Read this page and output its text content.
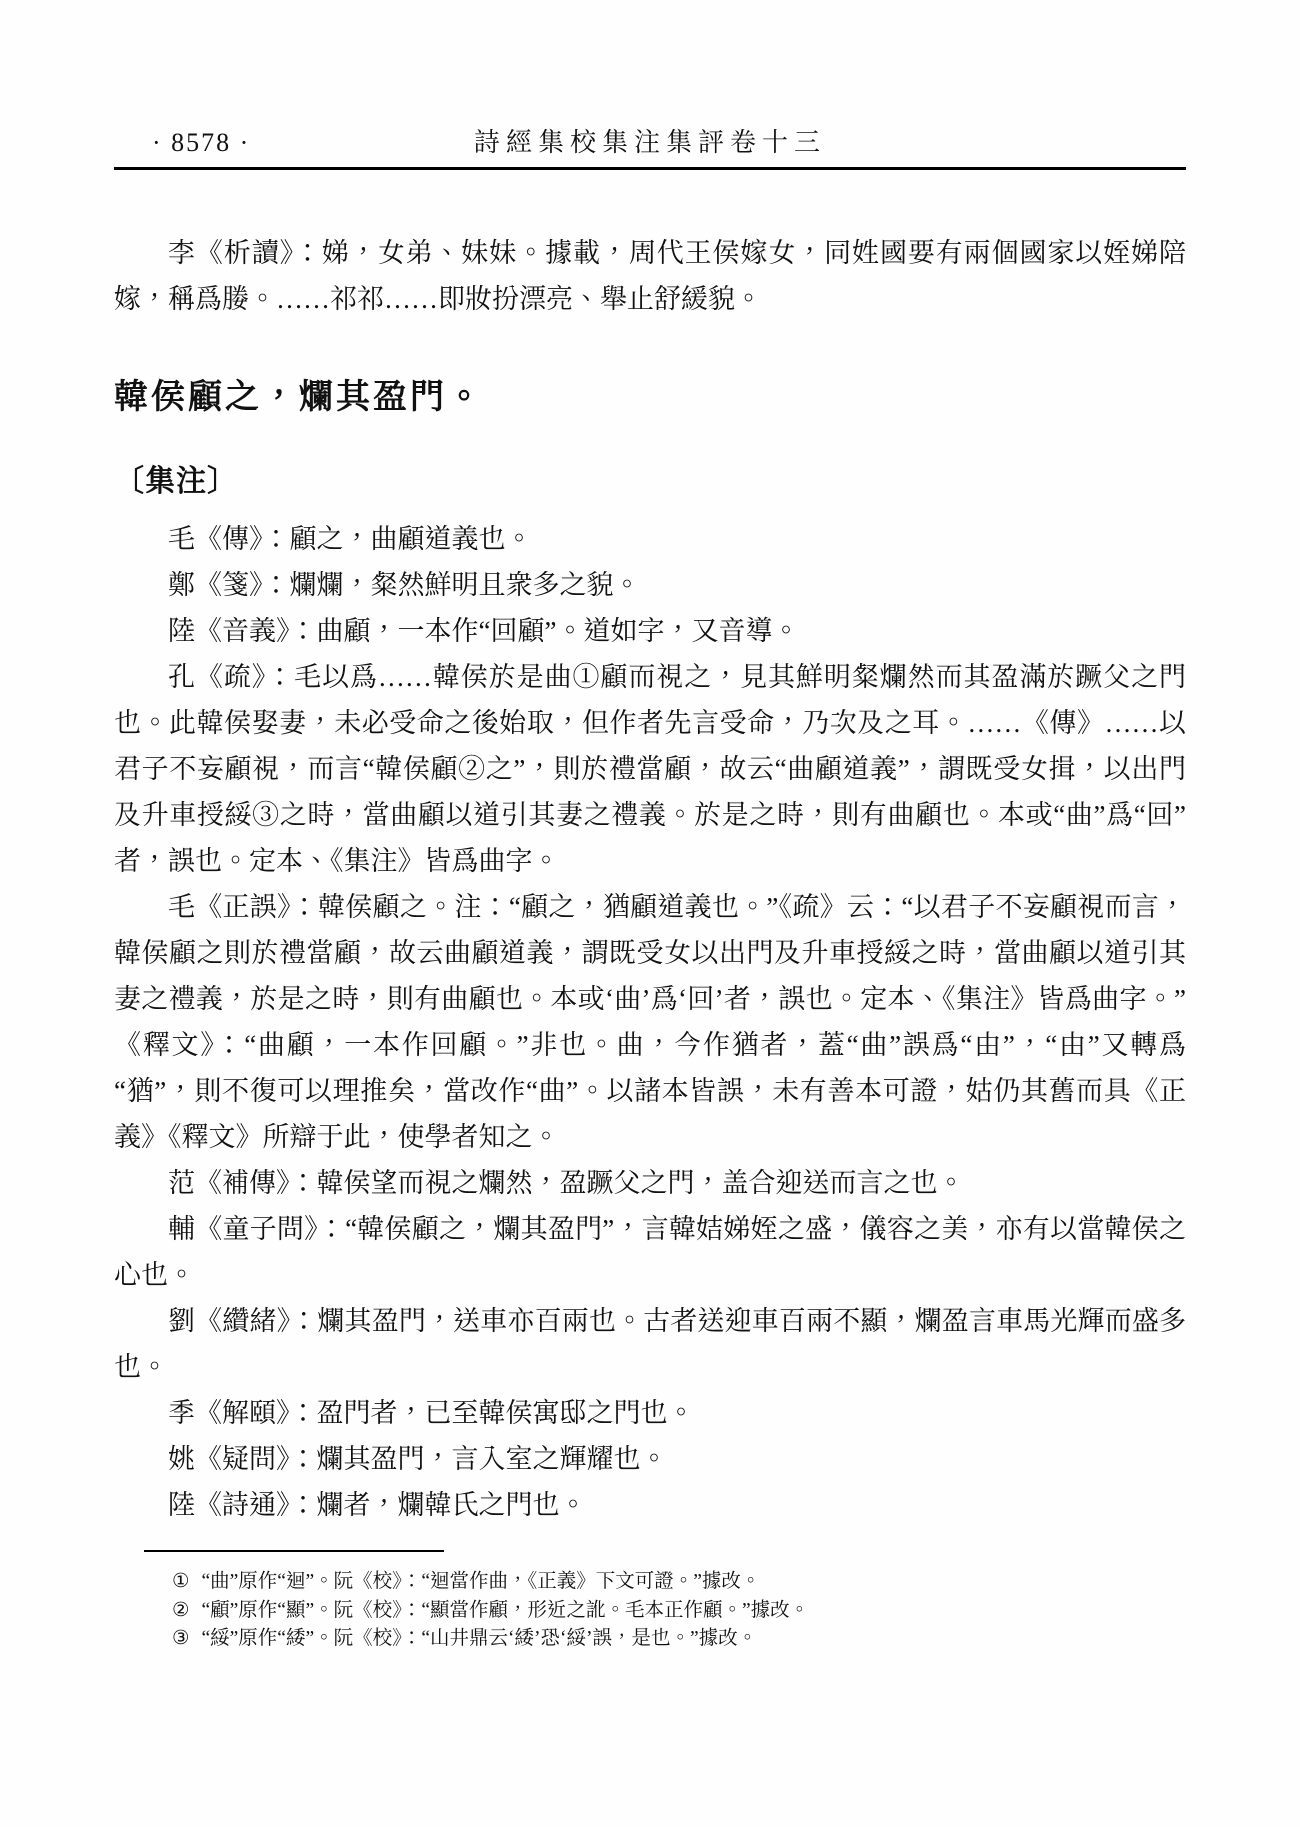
· 8578 ·	詩經集校集注集評卷十三

李《析讀》：娣，女弟、妹妹。據載，周代王侯嫁女，同姓國要有兩個國家以姪娣陪嫁，稱爲媵。……祁祁……即妝扮漂亮、舉止舒緩貌。

韓侯顧之，爛其盈門。
〔集注〕

毛《傳》：顧之，曲顧道義也。

鄭《箋》：爛爛，粲然鮮明且衆多之貌。

陸《音義》：曲顧，一本作“回顧”。道如字，又音導。

孔《疏》：毛以爲……韓侯於是曲①顧而視之，見其鮮明粲爛然而其盈滿於蹶父之門也。此韓侯娶妻，未必受命之後始取，但作者先言受命，乃次及之耳。……《傳》……以君子不妄顧視，而言“韓侯顧②之”，則於禮當顧，故云“曲顧道義”，謂既受女揖，以出門及升車授綏③之時，當曲顧以道引其妻之禮義。於是之時，則有曲顧也。本或“曲”爲“回”者，誤也。定本、《集注》皆爲曲字。

毛《正誤》：韓侯顧之。注：“顧之，猶顧道義也。”《疏》云：“以君子不妄顧視而言，韓侯顧之則於禮當顧，故云曲顧道義，謂既受女以出門及升車授綏之時，當曲顧以道引其妻之禮義，於是之時，則有曲顧也。本或‘曲’爲‘回’者，誤也。定本、《集注》皆爲曲字。”《釋文》：“曲顧，一本作回顧。”非也。曲，今作猶者，蓋“曲”誤爲“由”，“由”又轉爲“猶”，則不復可以理推矣，當改作“曲”。以諸本皆誤，未有善本可證，姑仍其舊而具《正義》《釋文》所辯于此，使學者知之。

范《補傳》：韓侯望而視之爛然，盈蹶父之門，盖合迎送而言之也。

輔《童子問》：“韓侯顧之，爛其盈門”，言韓姞娣姪之盛，儀容之美，亦有以當韓侯之心也。

劉《纘緒》：爛其盈門，送車亦百兩也。古者送迎車百兩不顯，爛盈言車馬光輝而盛多也。

季《解頤》：盈門者，已至韓侯寓邸之門也。

姚《疑問》：爛其盈門，言入室之輝耀也。

陸《詩通》：爛者，爛韓氏之門也。

① “曲”原作“迴”。阮《校》：“迴當作曲，《正義》下文可證。”據改。
② “顧”原作“顯”。阮《校》：“顯當作顧，形近之訛。毛本正作顧。”據改。
③ “綏”原作“緌”。阮《校》：“山井鼎云‘緌’恐‘綏’誤，是也。”據改。
